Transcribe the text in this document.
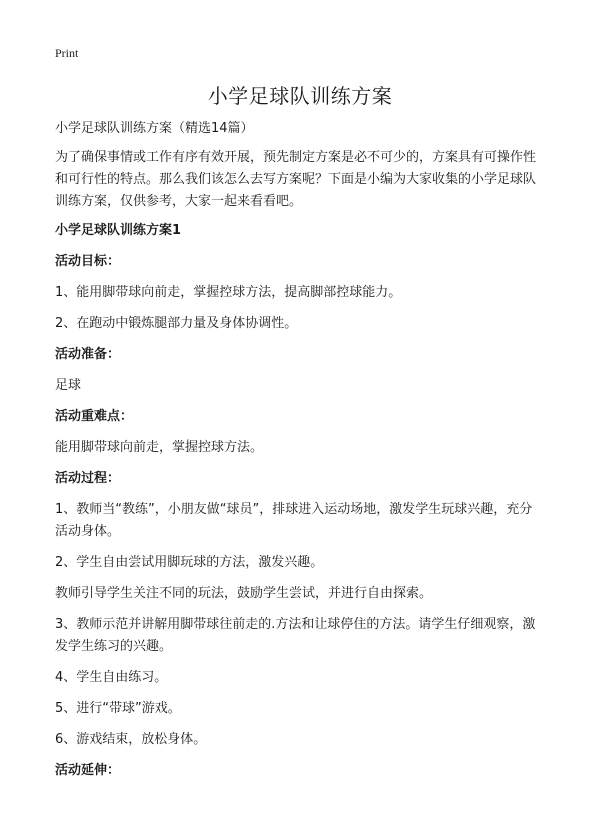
Print
小学足球队训练方案

小学足球队训练方案（精选14篇）

为了确保事情或工作有序有效开展，预先制定方案是必不可少的，方案具有可操作性和可行性的特点。那么我们该怎么去写方案呢？下面是小编为大家收集的小学足球队训练方案，仅供参考，大家一起来看看吧。

小学足球队训练方案1

活动目标：

1、能用脚带球向前走，掌握控球方法，提高脚部控球能力。

2、在跑动中锻炼腿部力量及身体协调性。

活动准备：

足球

活动重难点：

能用脚带球向前走，掌握控球方法。

活动过程：

1、教师当“教练”，小朋友做“球员”，排球进入运动场地，激发学生玩球兴趣，充分活动身体。

2、学生自由尝试用脚玩球的方法，激发兴趣。

教师引导学生关注不同的玩法，鼓励学生尝试，并进行自由探索。

3、教师示范并讲解用脚带球往前走的.方法和让球停住的方法。请学生仔细观察，激发学生练习的兴趣。

4、学生自由练习。

5、进行“带球”游戏。

6、游戏结束，放松身体。

活动延伸：
